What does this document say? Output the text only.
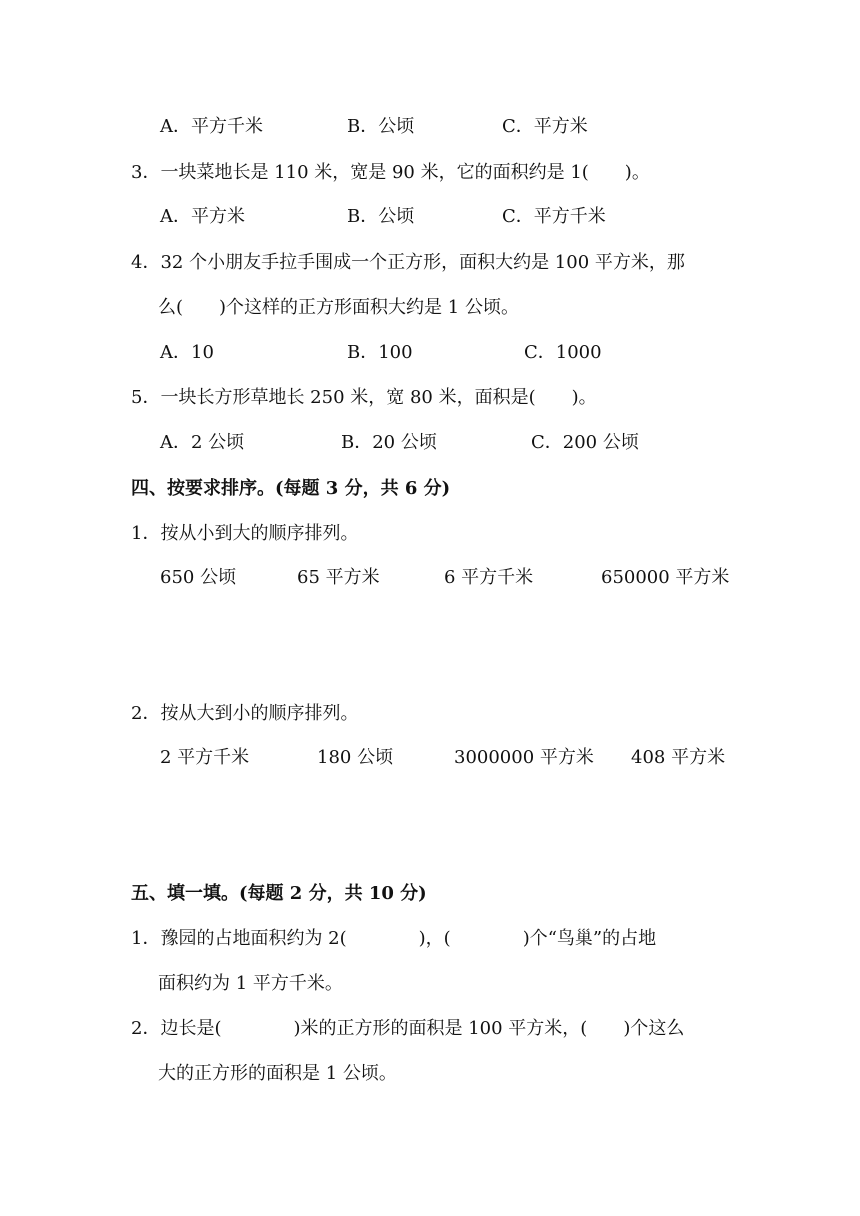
A．平方千米	B．公顷	C．平方米
3．一块菜地长是 110 米，宽是 90 米，它的面积约是 1(　　)。
A．平方米	B．公顷	C．平方千米
4．32 个小朋友手拉手围成一个正方形，面积大约是 100 平方米，那
么(　　)个这样的正方形面积大约是 1 公顷。
A．10	B．100	C．1000
5．一块长方形草地长 250 米，宽 80 米，面积是(　　)。
A．2 公顷	B．20 公顷	C．200 公顷
四、按要求排序。(每题 3 分，共 6 分)
1．按从小到大的顺序排列。
650 公顷	65 平方米	6 平方千米	650000 平方米
2．按从大到小的顺序排列。
2 平方千米	180 公顷	3000000 平方米 408 平方米
五、填一填。(每题 2 分，共 10 分)
1．豫园的占地面积约为 2(　　　　)，(　　　　)个“鸟巢”的占地
面积约为 1 平方千米。
2．边长是(　　　　)米的正方形的面积是 100 平方米，(　　)个这么
大的正方形的面积是 1 公顷。
